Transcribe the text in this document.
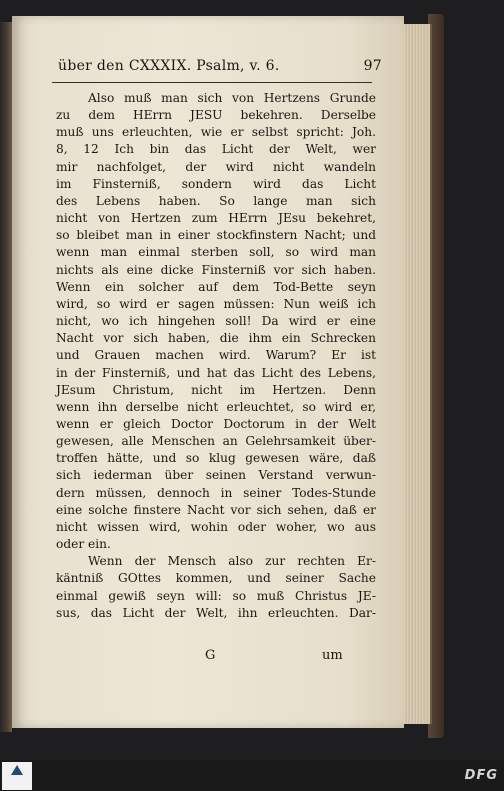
über den CXXXIX. Psalm, v. 6.	97
Also muß man sich von Hertzens Grunde
zu dem HErrn JESU bekehren. Derselbe
muß uns erleuchten, wie er selbst spricht: Joh.
8, 12 Ich bin das Licht der Welt, wer
mir nachfolget, der wird nicht wandeln
im Finsterniß, sondern wird das Licht
des Lebens haben. So lange man sich
nicht von Hertzen zum HErrn JEsu bekehret,
so bleibet man in einer stockfinstern Nacht; und
wenn man einmal sterben soll, so wird man
nichts als eine dicke Finsterniß vor sich haben.
Wenn ein solcher auf dem Tod-Bette seyn
wird, so wird er sagen müssen: Nun weiß ich
nicht, wo ich hingehen soll! Da wird er eine
Nacht vor sich haben, die ihm ein Schrecken
und Grauen machen wird. Warum? Er ist
in der Finsterniß, und hat das Licht des Lebens,
JEsum Christum, nicht im Hertzen. Denn
wenn ihn derselbe nicht erleuchtet, so wird er,
wenn er gleich Doctor Doctorum in der Welt
gewesen, alle Menschen an Gelehrsamkeit über-
troffen hätte, und so klug gewesen wäre, daß
sich iederman über seinen Verstand verwun-
dern müssen, dennoch in seiner Todes-Stunde
eine solche finstere Nacht vor sich sehen, daß er
nicht wissen wird, wohin oder woher, wo aus
oder ein.
Wenn der Mensch also zur rechten Er-
käntniß GOttes kommen, und seiner Sache
einmal gewiß seyn will: so muß Christus JE-
sus, das Licht der Welt, ihn erleuchten. Dar-
G	um
DFG
